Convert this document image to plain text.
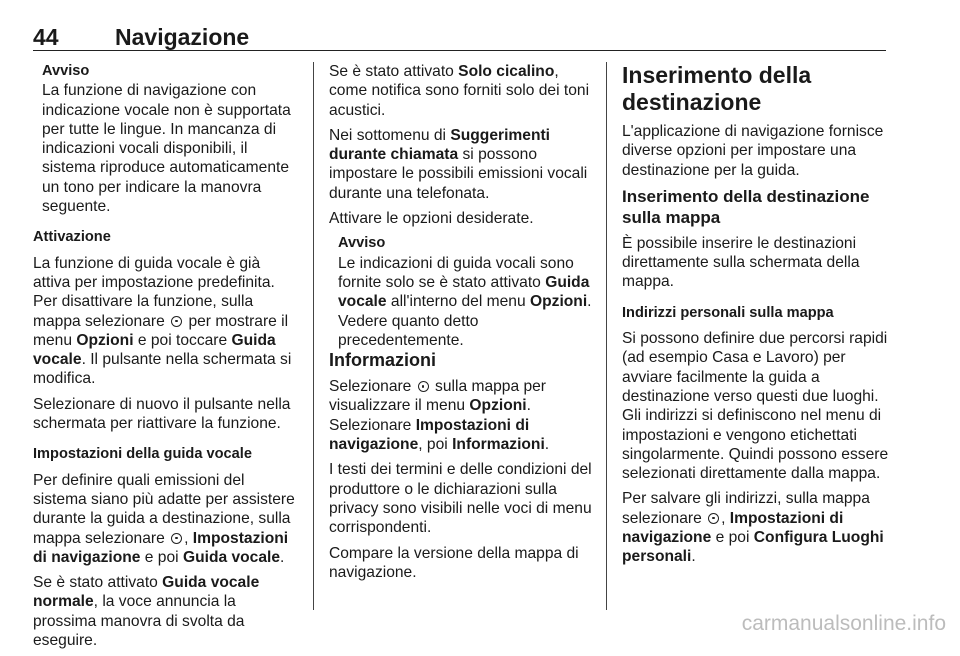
44 Navigazione

Avviso

La funzione di navigazione con indicazione vocale non è supportata per tutte le lingue. In mancanza di indicazioni vocali disponibili, il sistema riproduce automaticamente un tono per indicare la manovra seguente.

Attivazione

La funzione di guida vocale è già attiva per impostazione predefinita. Per disattivare la funzione, sulla mappa selezionare per mostrare il menu Opzioni e poi toccare Guida vocale. Il pulsante nella schermata si modifica.

Selezionare di nuovo il pulsante nella schermata per riattivare la funzione.

Impostazioni della guida vocale

Per definire quali emissioni del sistema siano più adatte per assistere durante la guida a destinazione, sulla mappa selezionare , Impostazioni di navigazione e poi Guida vocale.

Se è stato attivato Guida vocale normale, la voce annuncia la prossima manovra di svolta da eseguire.

Se è stato attivato Solo cicalino, come notifica sono forniti solo dei toni acustici.

Nei sottomenu di Suggerimenti durante chiamata si possono impostare le possibili emissioni vocali durante una telefonata.

Attivare le opzioni desiderate.

Avviso

Le indicazioni di guida vocali sono fornite solo se è stato attivato Guida vocale all'interno del menu Opzioni. Vedere quanto detto precedentemente.

Informazioni

Selezionare sulla mappa per visualizzare il menu Opzioni. Selezionare Impostazioni di navigazione, poi Informazioni.

I testi dei termini e delle condizioni del produttore o le dichiarazioni sulla privacy sono visibili nelle voci di menu corrispondenti.

Compare la versione della mappa di navigazione.

Inserimento della destinazione

L'applicazione di navigazione fornisce diverse opzioni per impostare una destinazione per la guida.

Inserimento della destinazione sulla mappa

È possibile inserire le destinazioni direttamente sulla schermata della mappa.

Indirizzi personali sulla mappa

Si possono definire due percorsi rapidi (ad esempio Casa e Lavoro) per avviare facilmente la guida a destinazione verso questi due luoghi. Gli indirizzi si definiscono nel menu di impostazioni e vengono etichettati singolarmente. Quindi possono essere selezionati direttamente dalla mappa.

Per salvare gli indirizzi, sulla mappa selezionare , Impostazioni di navigazione e poi Configura Luoghi personali.

carmanualsonline.info
